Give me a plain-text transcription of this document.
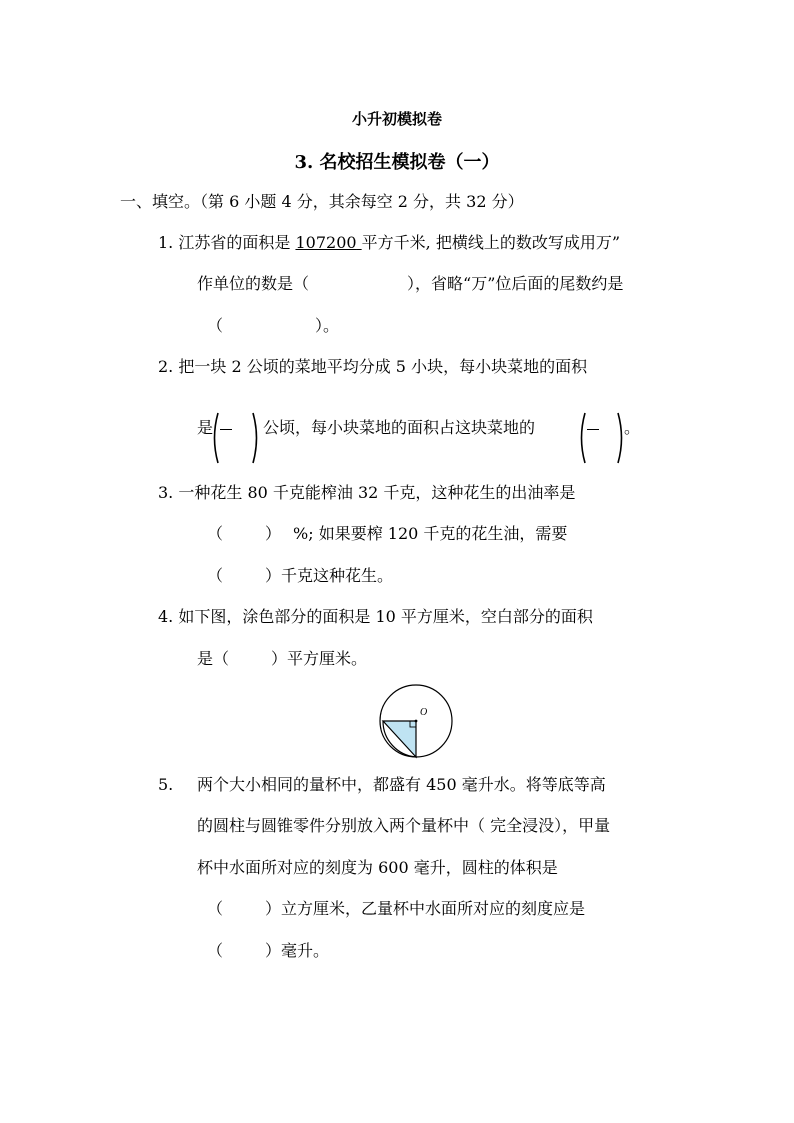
小升初模拟卷
3. 名校招生模拟卷（一）
一、填空。（第 6 小题 4 分，其余每空 2 分，共 32 分）
1. 江苏省的面积是 107200 平方千米, 把横线上的数改写成用万”
作单位的数是（	），省略“万”位后面的尾数约是
（	）。
2. 把一块 2 公顷的菜地平均分成 5 小块，每小块菜地的面积
是	公顷，每小块菜地的面积占这块菜地的	。
3. 一种花生 80 千克能榨油 32 千克，这种花生的出油率是
（	） %; 如果要榨 120 千克的花生油，需要
（	）千克这种花生。
4. 如下图，涂色部分的面积是 10 平方厘米，空白部分的面积
是（	）平方厘米。
O
5. 两个大小相同的量杯中，都盛有 450 毫升水。将等底等高
的圆柱与圆锥零件分别放入两个量杯中（ 完全浸没），甲量
杯中水面所对应的刻度为 600 毫升，圆柱的体积是
（	）立方厘米，乙量杯中水面所对应的刻度应是
（	）毫升。
